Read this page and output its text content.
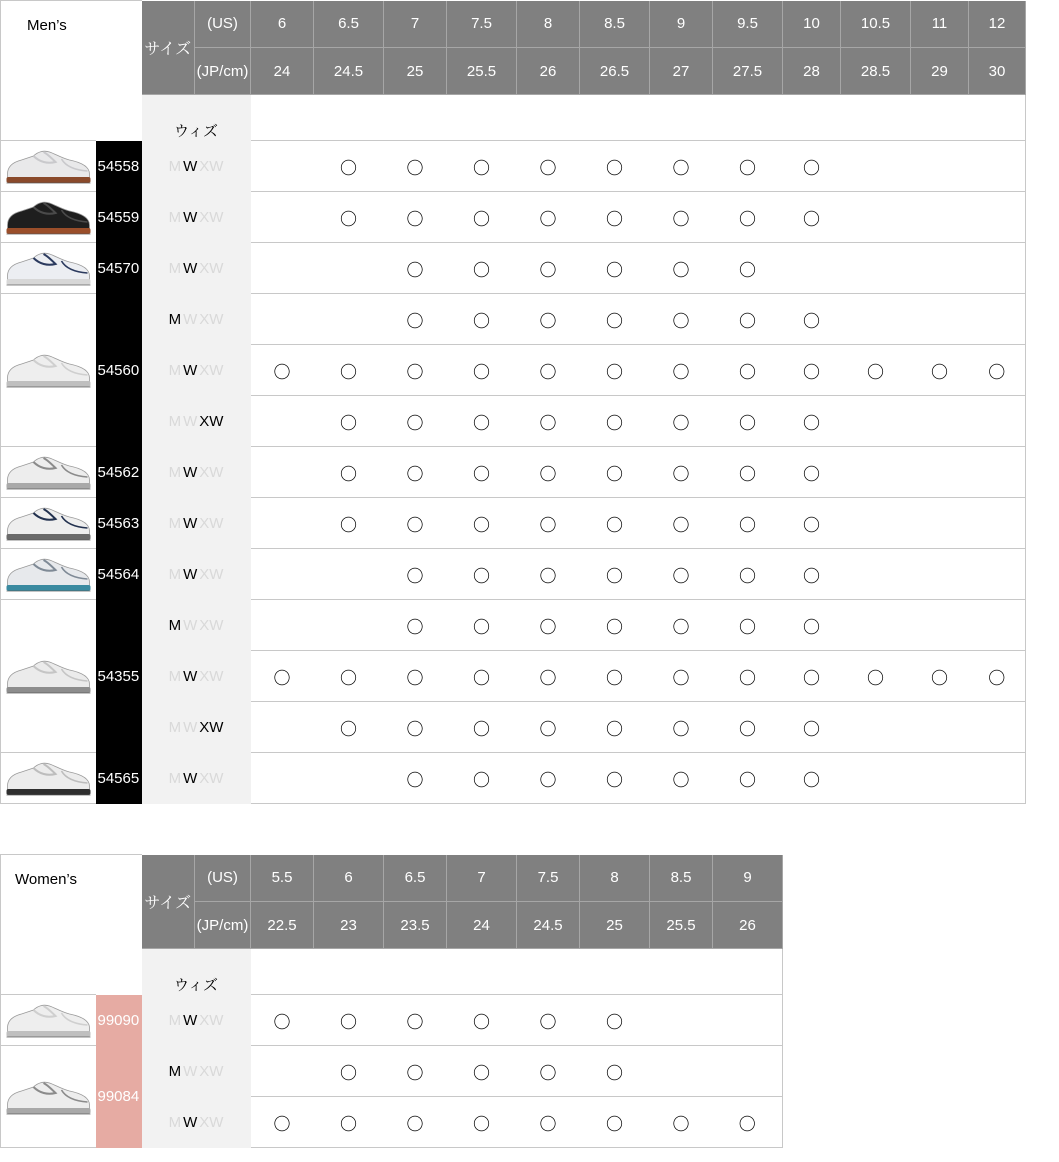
Men’s		サイズ	(US)	6	6.5	7	7.5	8	8.5	9	9.5	10	10.5	11	12
			(JP/cm)	24	24.5	25	25.5	26	26.5	27	27.5	28	28.5	29	30

		ウィズ													

	54558	M W XW			〇	〇	〇	〇	〇	〇	〇	〇			

	54559	M W XW			〇	〇	〇	〇	〇	〇	〇	〇			

	54570	M W XW				〇	〇	〇	〇	〇	〇				

	54560	M W XW				〇	〇	〇	〇	〇	〇	〇			
		M W XW		〇	〇	〇	〇	〇	〇	〇	〇	〇	〇	〇	〇
		M W XW			〇	〇	〇	〇	〇	〇	〇	〇			

	54562	M W XW			〇	〇	〇	〇	〇	〇	〇	〇			

	54563	M W XW			〇	〇	〇	〇	〇	〇	〇	〇			

	54564	M W XW				〇	〇	〇	〇	〇	〇	〇			

	54355	M W XW				〇	〇	〇	〇	〇	〇	〇			
		M W XW		〇	〇	〇	〇	〇	〇	〇	〇	〇	〇	〇	〇
		M W XW			〇	〇	〇	〇	〇	〇	〇	〇			

	54565	M W XW				〇	〇	〇	〇	〇	〇	〇			
Women’s		サイズ	(US)	5.5	6	6.5	7	7.5	8	8.5	9
			(JP/cm)	22.5	23	23.5	24	24.5	25	25.5	26

		ウィズ									

	99090	M W XW		〇	〇	〇	〇	〇	〇		

	99084	M W XW			〇	〇	〇	〇	〇		
		M W XW		〇	〇	〇	〇	〇	〇	〇	〇
